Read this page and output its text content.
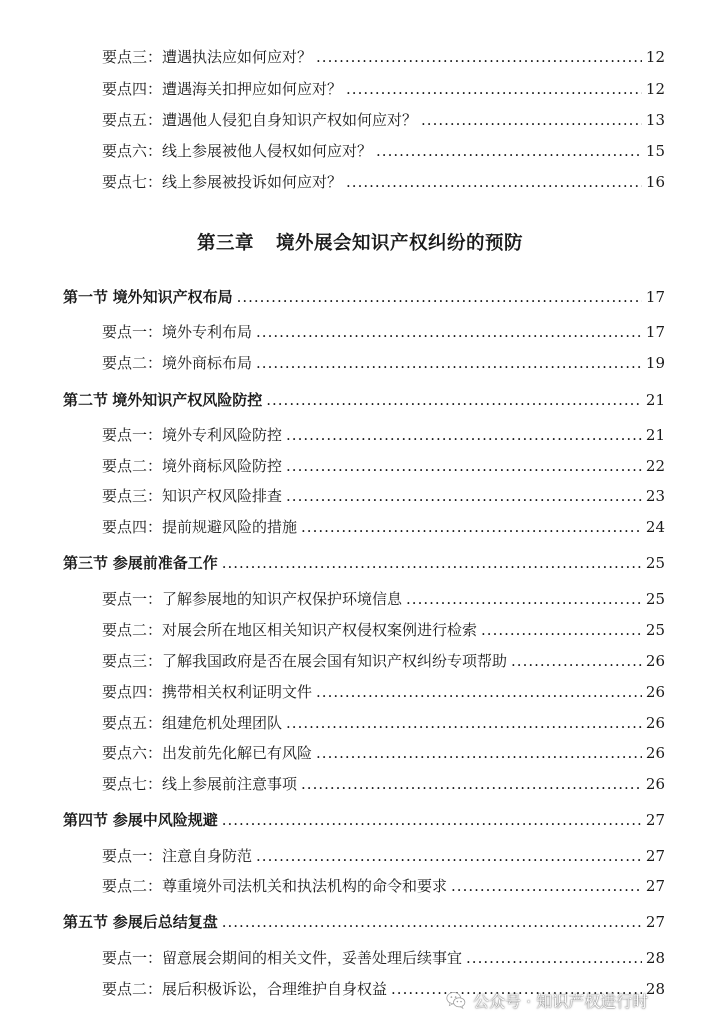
要点三： 遭遇执法应如何应对？ .....	12
要点四： 遭遇海关扣押应如何应对？ .....	12
要点五： 遭遇他人侵犯自身知识产权如何应对？ .....	13
要点六： 线上参展被他人侵权如何应对？ .....	15
要点七： 线上参展被投诉如何应对？ .....	16
第三章 境外展会知识产权纠纷的预防
第一节 境外知识产权布局 .....	17
要点一： 境外专利布局 .....	17
要点二： 境外商标布局 .....	19
第二节 境外知识产权风险防控 .....	21
要点一： 境外专利风险防控 .....	21
要点二： 境外商标风险防控 .....	22
要点三： 知识产权风险排查 .....	23
要点四： 提前规避风险的措施 .....	24
第三节 参展前准备工作 .....	25
要点一： 了解参展地的知识产权保护环境信息 .....	25
要点二： 对展会所在地区相关知识产权侵权案例进行检索 .....	25
要点三： 了解我国政府是否在展会国有知识产权纠纷专项帮助 .....	26
要点四： 携带相关权利证明文件 .....	26
要点五： 组建危机处理团队 .....	26
要点六： 出发前先化解已有风险 .....	26
要点七： 线上参展前注意事项 .....	26
第四节 参展中风险规避 .....	27
要点一： 注意自身防范 .....	27
要点二： 尊重境外司法机关和执法机构的命令和要求 .....	27
第五节 参展后总结复盘 .....	27
要点一： 留意展会期间的相关文件，妥善处理后续事宜 .....	28
要点二： 展后积极诉讼，合理维护自身权益 .....	28
公众号 · 知识产权进行时
